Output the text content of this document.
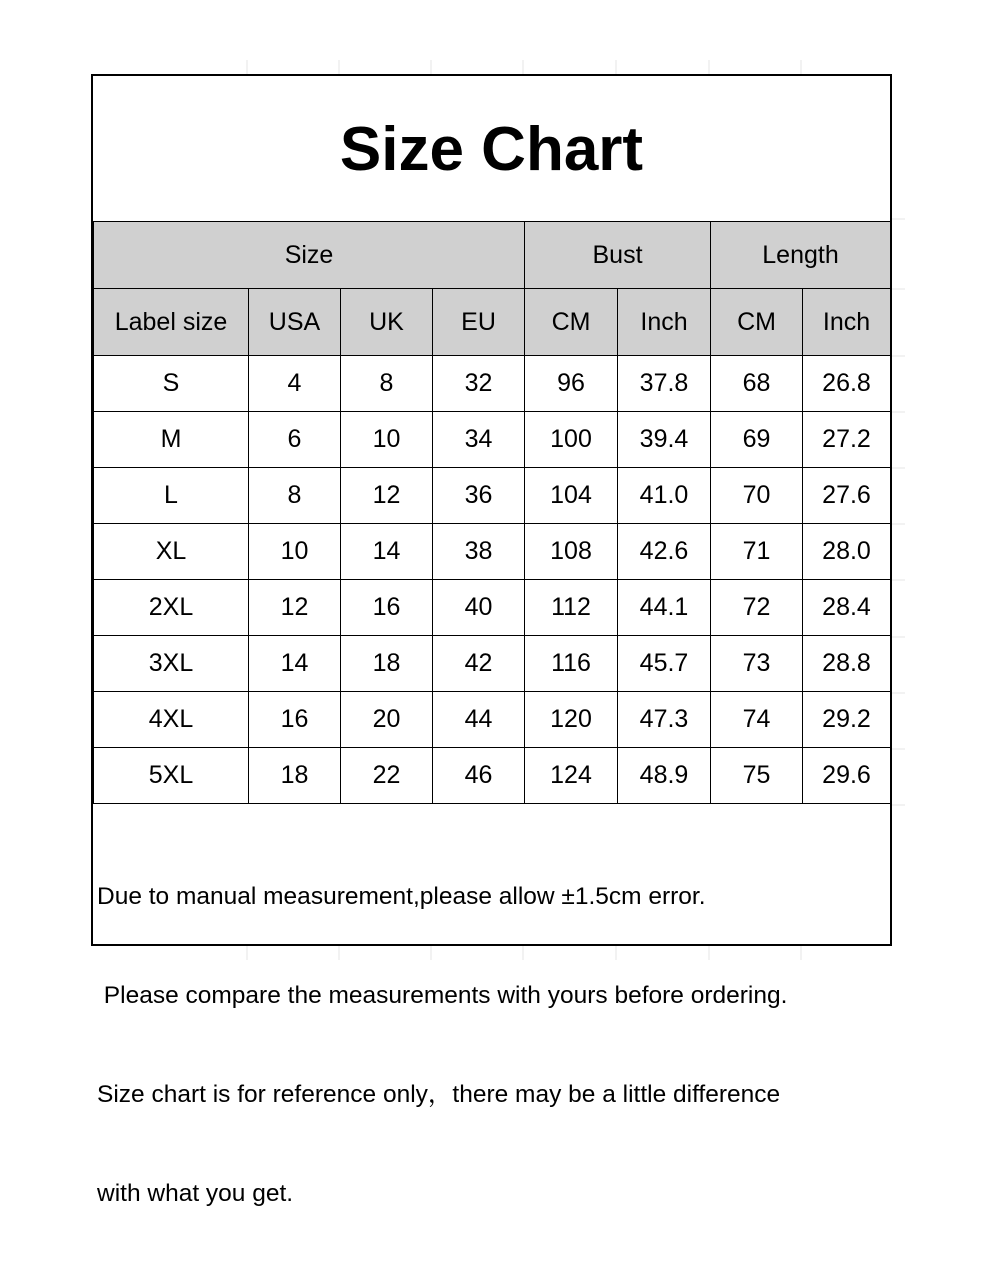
Size Chart
Size				Bust		Length	
Label size	USA	UK	EU	CM	Inch	CM	Inch
S	4	8	32	96	37.8	68	26.8
M	6	10	34	100	39.4	69	27.2
L	8	12	36	104	41.0	70	27.6
XL	10	14	38	108	42.6	71	28.0
2XL	12	16	40	112	44.1	72	28.4
3XL	14	18	42	116	45.7	73	28.8
4XL	16	20	44	120	47.3	74	29.2
5XL	18	22	46	124	48.9	75	29.6

Due to manual measurement,please allow ±1.5cm error.

Please compare the measurements with yours before ordering.

Size chart is for reference only，there may be a little difference

with what you get.
